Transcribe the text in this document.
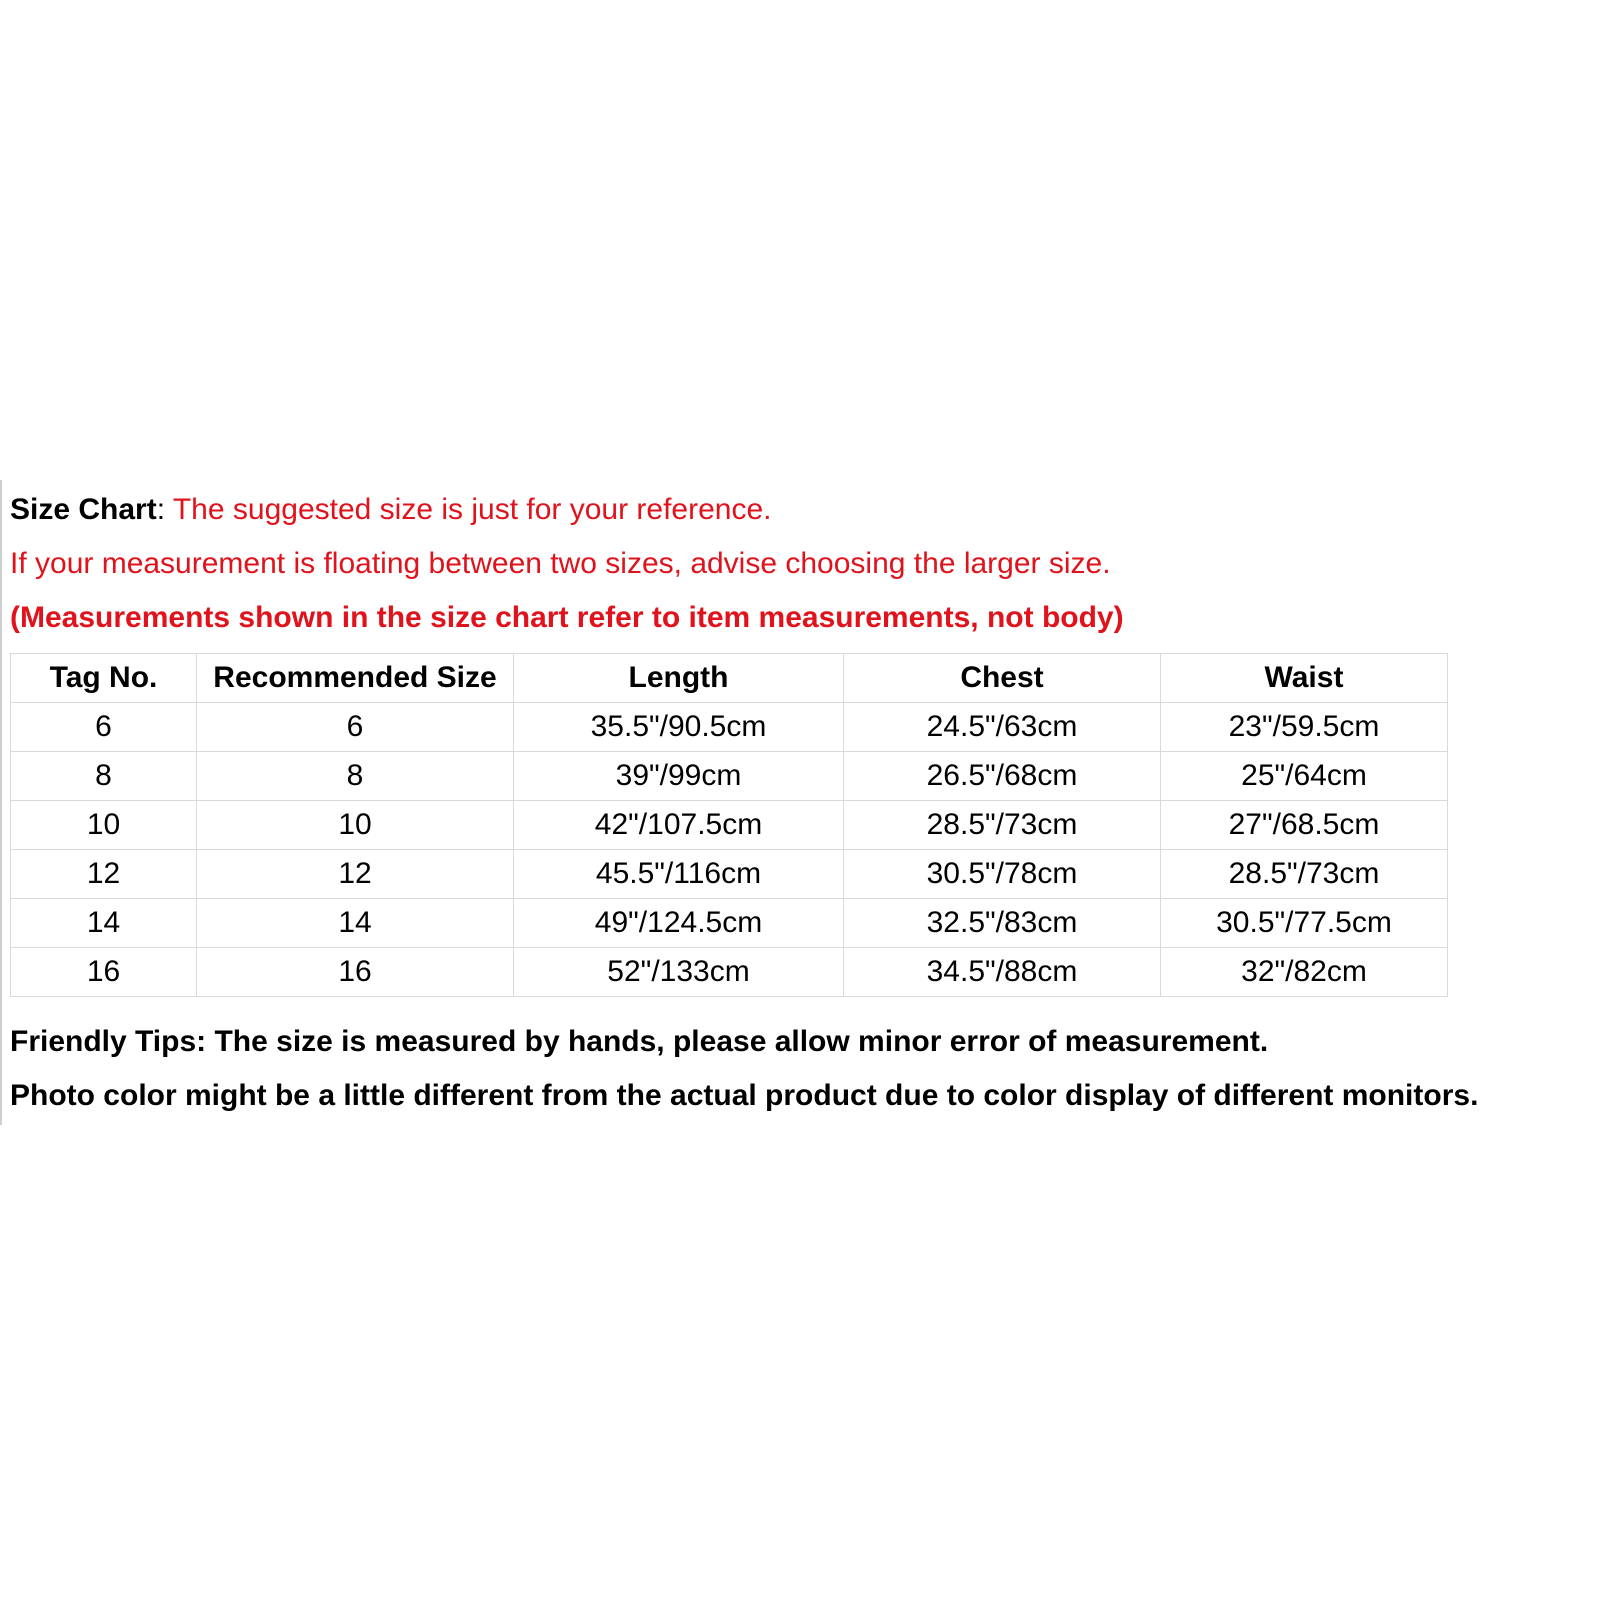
Size Chart: The suggested size is just for your reference.
If your measurement is floating between two sizes, advise choosing the larger size.
(Measurements shown in the size chart refer to item measurements, not body)
Tag No.	Recommended Size	Length	Chest	Waist
6	6	35.5"/90.5cm	24.5"/63cm	23"/59.5cm
8	8	39"/99cm	26.5"/68cm	25"/64cm
10	10	42"/107.5cm	28.5"/73cm	27"/68.5cm
12	12	45.5"/116cm	30.5"/78cm	28.5"/73cm
14	14	49"/124.5cm	32.5"/83cm	30.5"/77.5cm
16	16	52"/133cm	34.5"/88cm	32"/82cm
Friendly Tips: The size is measured by hands, please allow minor error of measurement.
Photo color might be a little different from the actual product due to color display of different monitors.
